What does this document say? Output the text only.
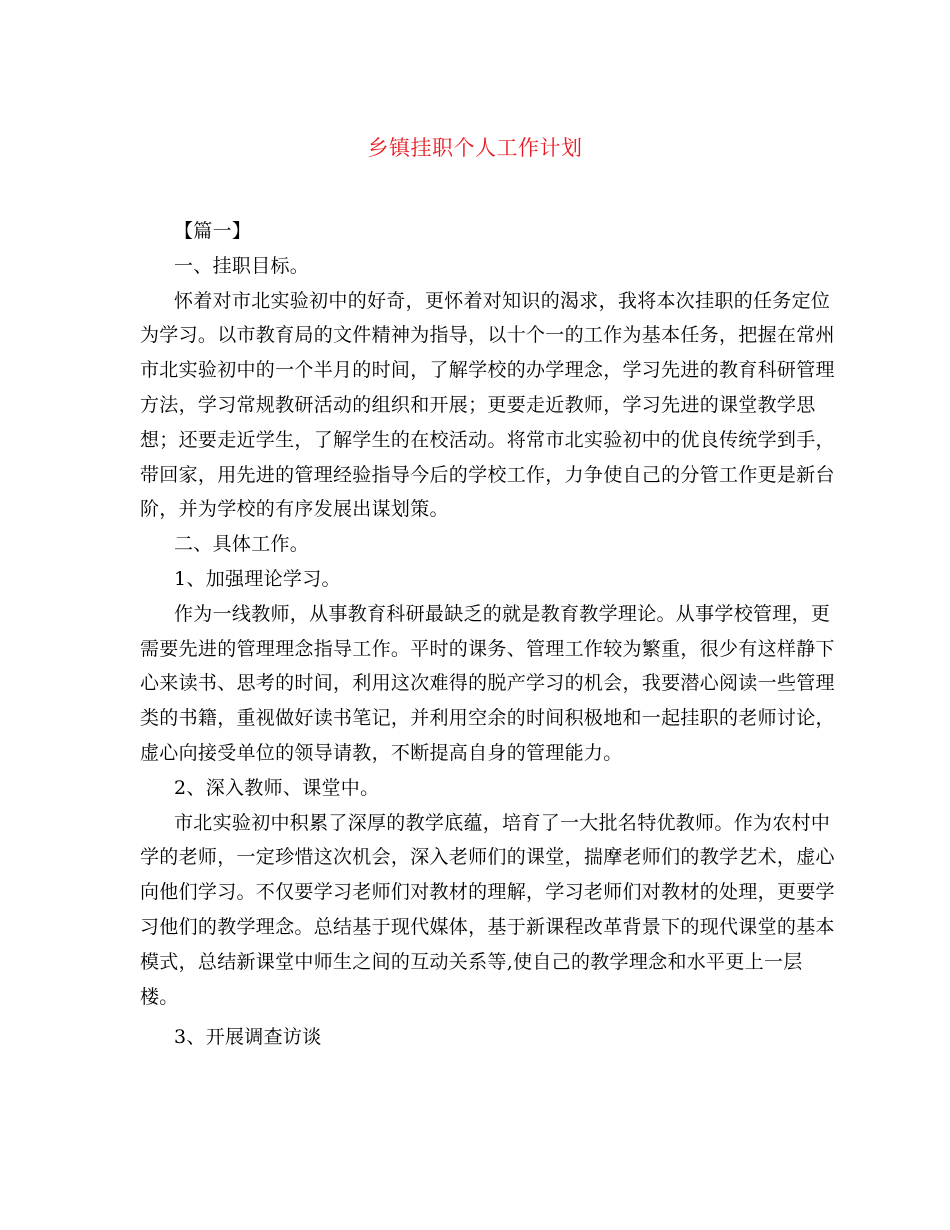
乡镇挂职个人工作计划
【篇一】
一、挂职目标。
怀着对市北实验初中的好奇，更怀着对知识的渴求，我将本次挂职的任务定位
为学习。以市教育局的文件精神为指导，以十个一的工作为基本任务，把握在常州
市北实验初中的一个半月的时间，了解学校的办学理念，学习先进的教育科研管理
方法，学习常规教研活动的组织和开展；更要走近教师，学习先进的课堂教学思
想；还要走近学生，了解学生的在校活动。将常市北实验初中的优良传统学到手，
带回家，用先进的管理经验指导今后的学校工作，力争使自己的分管工作更是新台
阶，并为学校的有序发展出谋划策。
二、具体工作。
1、加强理论学习。
作为一线教师，从事教育科研最缺乏的就是教育教学理论。从事学校管理，更
需要先进的管理理念指导工作。平时的课务、管理工作较为繁重，很少有这样静下
心来读书、思考的时间，利用这次难得的脱产学习的机会，我要潜心阅读一些管理
类的书籍，重视做好读书笔记，并利用空余的时间积极地和一起挂职的老师讨论，
虚心向接受单位的领导请教，不断提高自身的管理能力。
2、深入教师、课堂中。
市北实验初中积累了深厚的教学底蕴，培育了一大批名特优教师。作为农村中
学的老师，一定珍惜这次机会，深入老师们的课堂，揣摩老师们的教学艺术，虚心
向他们学习。不仅要学习老师们对教材的理解，学习老师们对教材的处理，更要学
习他们的教学理念。总结基于现代媒体，基于新课程改革背景下的现代课堂的基本
模式，总结新课堂中师生之间的互动关系等,使自己的教学理念和水平更上一层
楼。
3、开展调查访谈
